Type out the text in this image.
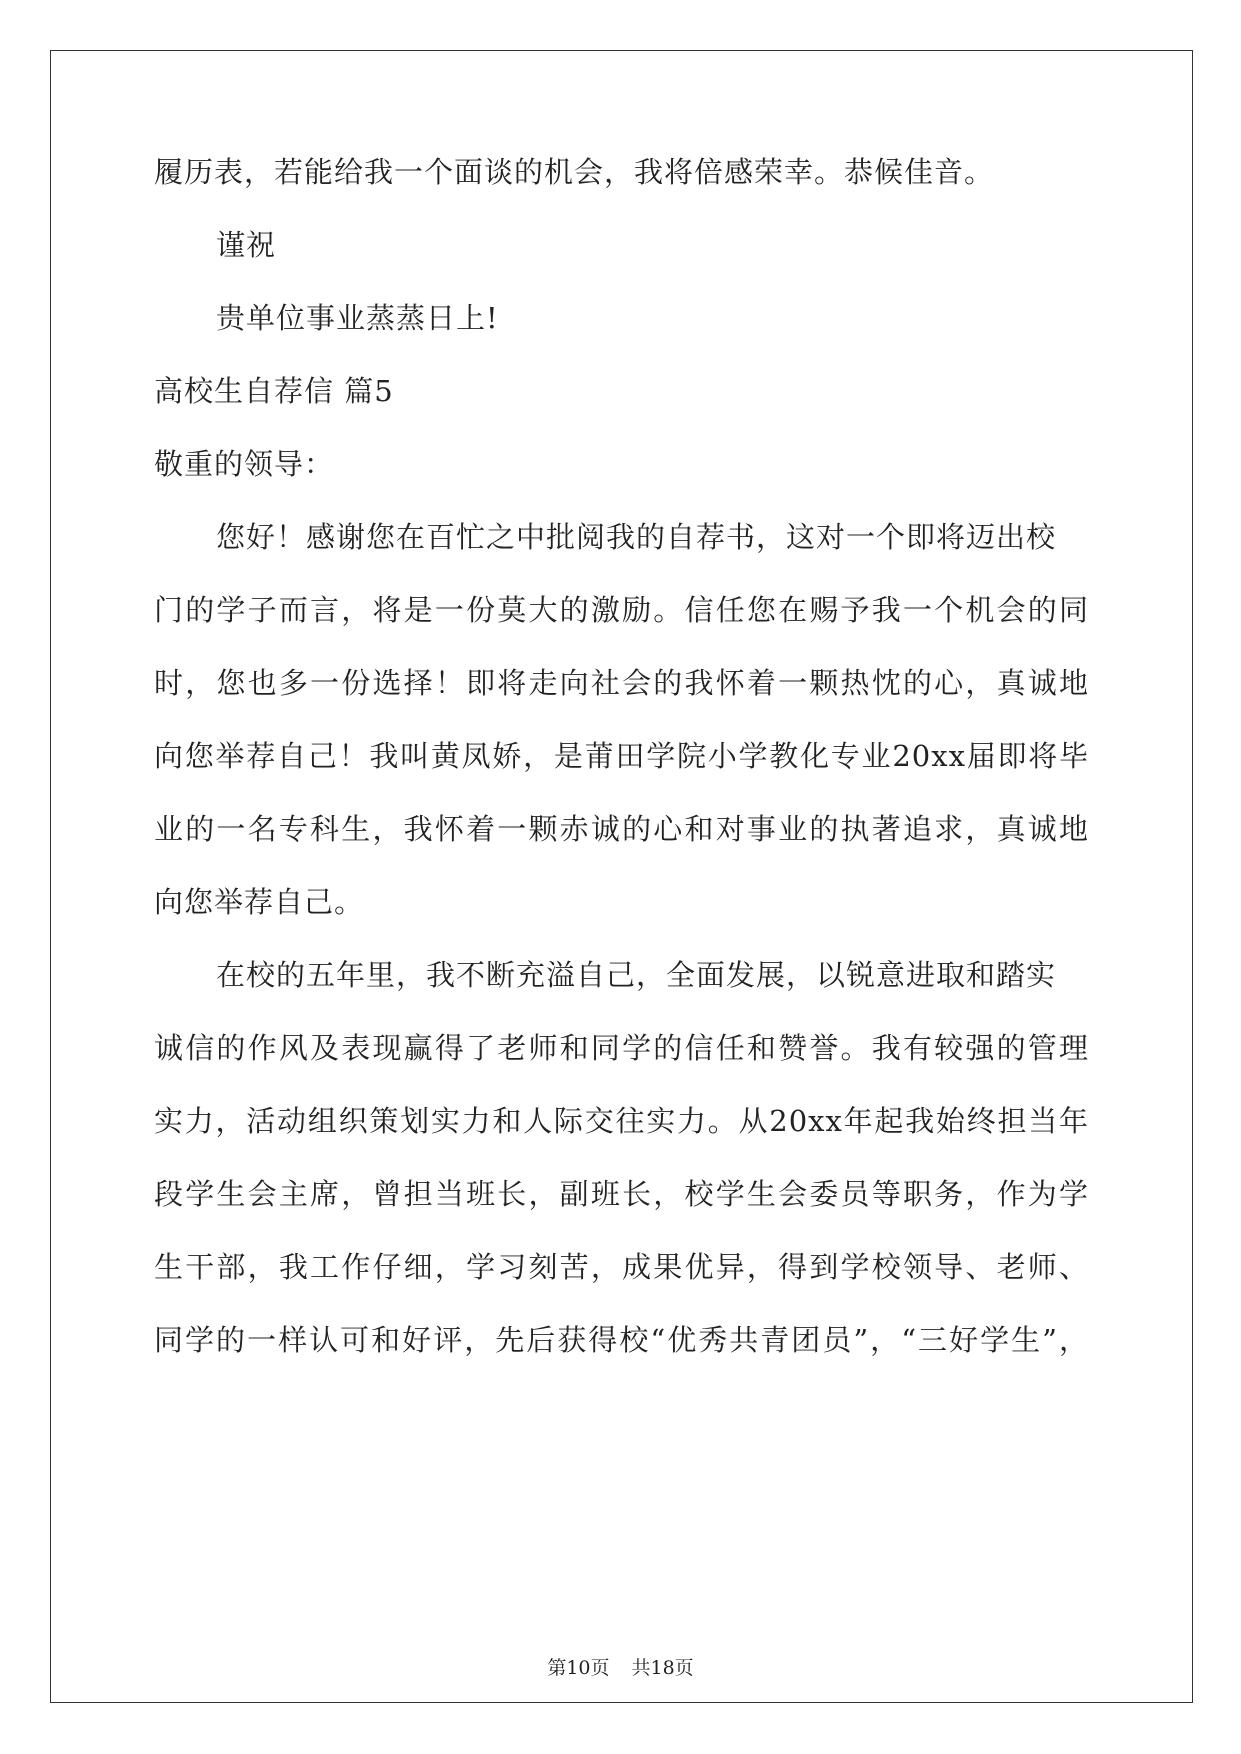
履历表，若能给我一个面谈的机会，我将倍感荣幸。恭候佳音。
谨祝
贵单位事业蒸蒸日上!
高校生自荐信 篇5
敬重的领导：
您好！感谢您在百忙之中批阅我的自荐书，这对一个即将迈出校
门的学子而言，将是一份莫大的激励。信任您在赐予我一个机会的同
时，您也多一份选择！即将走向社会的我怀着一颗热忱的心，真诚地
向您举荐自己！我叫黄凤娇，是莆田学院小学教化专业20xx届即将毕
业的一名专科生，我怀着一颗赤诚的心和对事业的执著追求，真诚地
向您举荐自己。
在校的五年里，我不断充溢自己，全面发展，以锐意进取和踏实
诚信的作风及表现赢得了老师和同学的信任和赞誉。我有较强的管理
实力，活动组织策划实力和人际交往实力。从20xx年起我始终担当年
段学生会主席，曾担当班长，副班长，校学生会委员等职务，作为学
生干部，我工作仔细，学习刻苦，成果优异，得到学校领导、老师、
同学的一样认可和好评，先后获得校“优秀共青团员”，“三好学生”，
第10页 共18页
